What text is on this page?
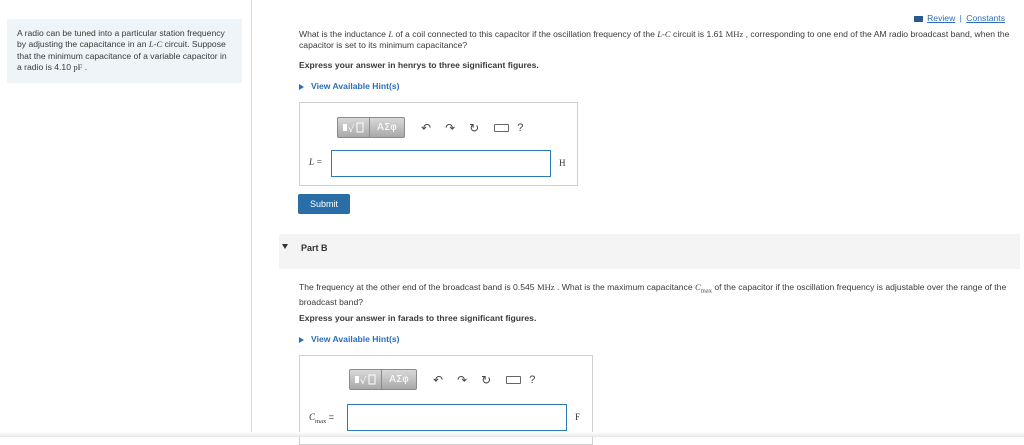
A radio can be tuned into a particular station frequency by adjusting the capacitance in an L-C circuit. Suppose that the minimum capacitance of a variable capacitor in a radio is 4.10 pF .
Review | Constants
What is the inductance L of a coil connected to this capacitor if the oscillation frequency of the L-C circuit is 1.61 MHz , corresponding to one end of the AM radio broadcast band, when the capacitor is set to its minimum capacitance?
Express your answer in henrys to three significant figures.
View Available Hint(s)
√	ΑΣφ	↶ ↷ ↻	?
L =	H
Submit
Part B
The frequency at the other end of the broadcast band is 0.545 MHz . What is the maximum capacitance $C_{max}$ of the capacitor if the oscillation frequency is adjustable over the range of the broadcast band?
Express your answer in farads to three significant figures.
View Available Hint(s)
√	ΑΣφ	↶ ↷ ↻	?
$C_{max}$ =	F
